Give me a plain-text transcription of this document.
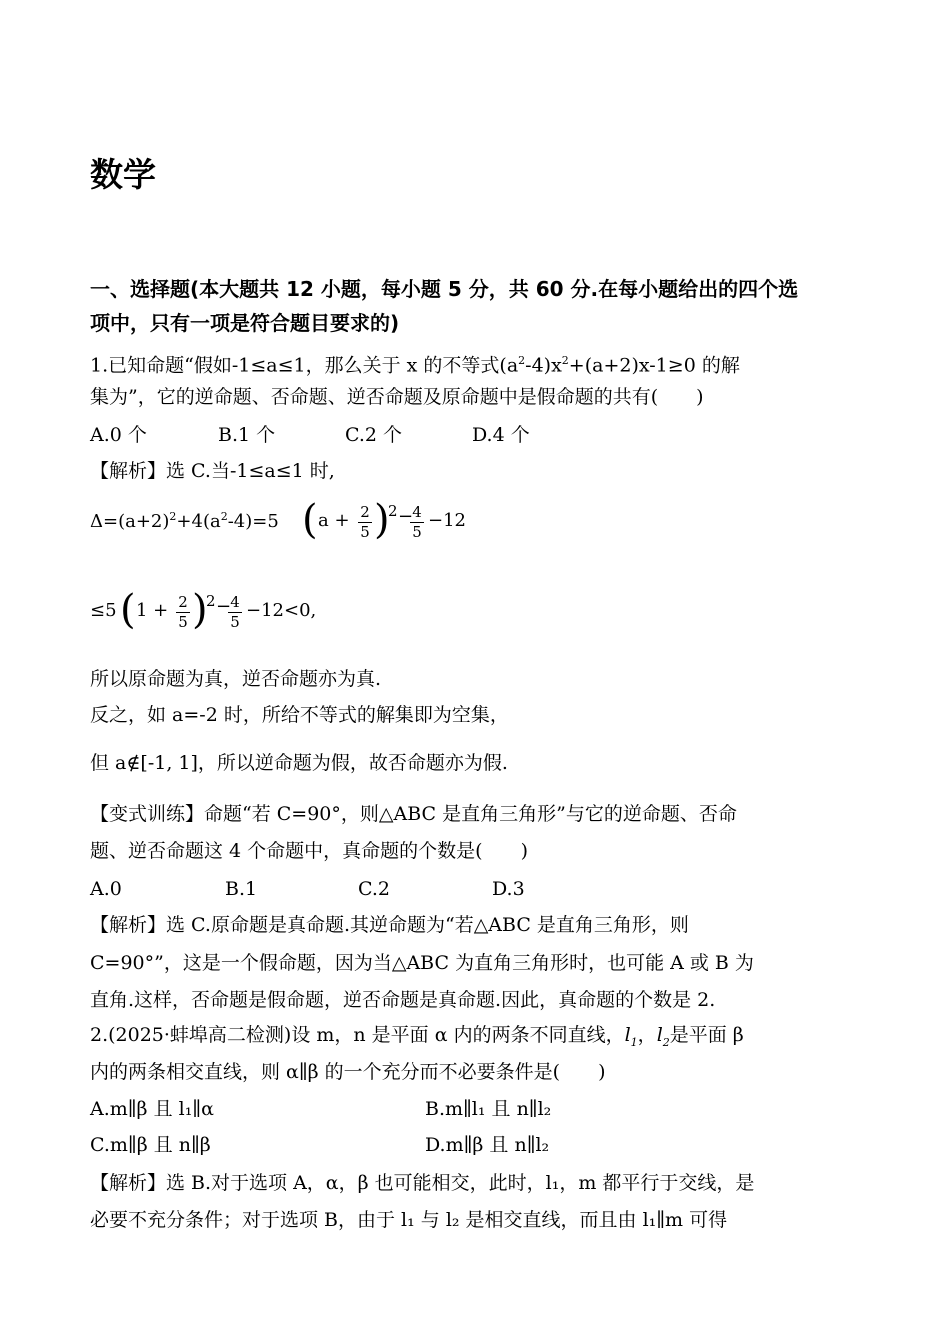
数学
一、选择题(本大题共 12 小题，每小题 5 分，共 60 分.在每小题给出的四个选
项中，只有一项是符合题目要求的)
1.已知命题“假如-1≤a≤1，那么关于 x 的不等式$(a^2-4)x^2+(a+2)x-1\ge 0$ 的解
集为”，它的逆命题、否命题、逆否命题及原命题中是假命题的共有(　　)
A.0 个	B.1 个	C.2 个	D.4 个
【解析】选 C.当-1≤a≤1 时,
$\Delta=(a+2)^2+4(a^2-4)=5$ ( a + 2
5 )
2 − 4
5
−12
≤5 ( 1 + 2
5 )
2 − 4
5
−12<0,
所以原命题为真，逆否命题亦为真.
反之，如 a=-2 时，所给不等式的解集即为空集，
但 a∉[-1, 1]，所以逆命题为假，故否命题亦为假.
【变式训练】命题“若 C=90°，则△ABC 是直角三角形”与它的逆命题、否命
题、逆否命题这 4 个命题中，真命题的个数是(　　)
A.0	B.1	C.2	D.3
【解析】选 C.原命题是真命题.其逆命题为“若△ABC 是直角三角形，则
C=90°”，这是一个假命题，因为当△ABC 为直角三角形时，也可能 A 或 B 为
直角.这样，否命题是假命题，逆否命题是真命题.因此，真命题的个数是 2.
2.(2025·蚌埠高二检测)设 m，n 是平面 α 内的两条不同直线，$l_1$，$l_2$是平面 β
内的两条相交直线，则 α∥β 的一个充分而不必要条件是(　　)
A.m∥β 且 l₁∥α	B.m∥l₁ 且 n∥l₂
C.m∥β 且 n∥β	D.m∥β 且 n∥l₂
【解析】选 B.对于选项 A，α，β 也可能相交，此时，l₁，m 都平行于交线，是
必要不充分条件；对于选项 B，由于 l₁ 与 l₂ 是相交直线，而且由 l₁∥m 可得
